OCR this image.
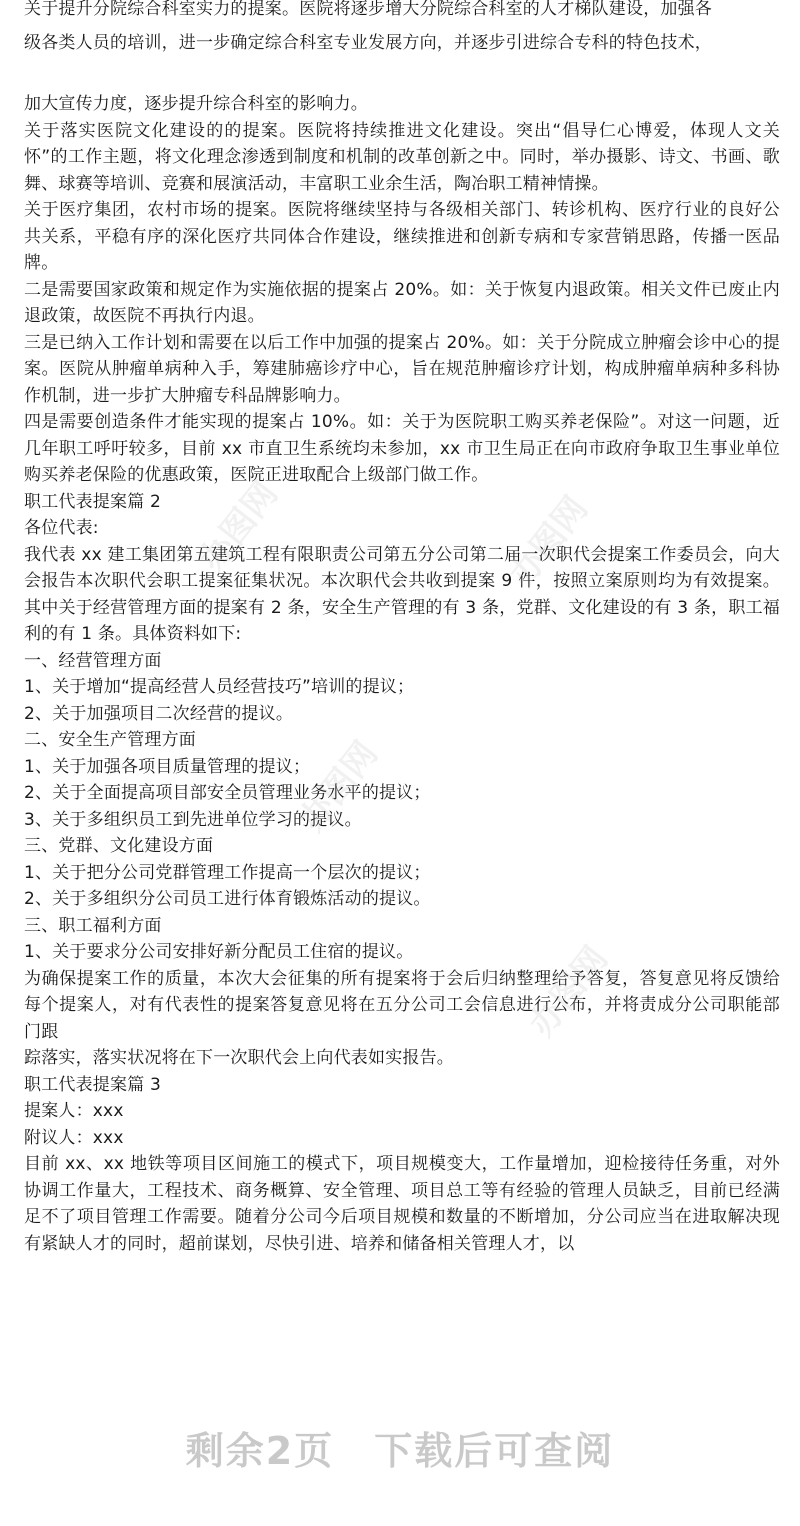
关于提升分院综合科室实力的提案。医院将逐步增大分院综合科室的人才梯队建设，加强各

级各类人员的培训，进一步确定综合科室专业发展方向，并逐步引进综合专科的特色技术，

加大宣传力度，逐步提升综合科室的影响力。

关于落实医院文化建设的的提案。医院将持续推进文化建设。突出“倡导仁心博爱，体现人文关怀”的工作主题，将文化理念渗透到制度和机制的改革创新之中。同时，举办摄影、诗文、书画、歌舞、球赛等培训、竞赛和展演活动，丰富职工业余生活，陶冶职工精神情操。

关于医疗集团，农村市场的提案。医院将继续坚持与各级相关部门、转诊机构、医疗行业的良好公共关系，平稳有序的深化医疗共同体合作建设，继续推进和创新专病和专家营销思路，传播一医品牌。

二是需要国家政策和规定作为实施依据的提案占 20%。如：关于恢复内退政策。相关文件已废止内退政策，故医院不再执行内退。

三是已纳入工作计划和需要在以后工作中加强的提案占 20%。如：关于分院成立肿瘤会诊中心的提案。医院从肿瘤单病种入手，筹建肺癌诊疗中心，旨在规范肿瘤诊疗计划，构成肿瘤单病种多科协作机制，进一步扩大肿瘤专科品牌影响力。

四是需要创造条件才能实现的提案占 10%。如：关于为医院职工购买养老保险”。对这一问题，近几年职工呼吁较多，目前 xx 市直卫生系统均未参加，xx 市卫生局正在向市政府争取卫生事业单位购买养老保险的优惠政策，医院正进取配合上级部门做工作。

职工代表提案篇 2

各位代表:

我代表 xx 建工集团第五建筑工程有限职责公司第五分公司第二届一次职代会提案工作委员会，向大会报告本次职代会职工提案征集状况。本次职代会共收到提案 9 件，按照立案原则均为有效提案。其中关于经营管理方面的提案有 2 条，安全生产管理的有 3 条，党群、文化建设的有 3 条，职工福利的有 1 条。具体资料如下:

一、经营管理方面

1、关于增加“提高经营人员经营技巧”培训的提议；

2、关于加强项目二次经营的提议。

二、安全生产管理方面

1、关于加强各项目质量管理的提议；

2、关于全面提高项目部安全员管理业务水平的提议；

3、关于多组织员工到先进单位学习的提议。

三、党群、文化建设方面

1、关于把分公司党群管理工作提高一个层次的提议；

2、关于多组织分公司员工进行体育锻炼活动的提议。

三、职工福利方面

1、关于要求分公司安排好新分配员工住宿的提议。

为确保提案工作的质量，本次大会征集的所有提案将于会后归纳整理给予答复，答复意见将反馈给每个提案人，对有代表性的提案答复意见将在五分公司工会信息进行公布，并将责成分公司职能部门跟

踪落实，落实状况将在下一次职代会上向代表如实报告。

职工代表提案篇 3

提案人：xxx

附议人：xxx

目前 xx、xx 地铁等项目区间施工的模式下，项目规模变大，工作量增加，迎检接待任务重，对外协调工作量大，工程技术、商务概算、安全管理、项目总工等有经验的管理人员缺乏，目前已经满足不了项目管理工作需要。随着分公司今后项目规模和数量的不断增加，分公司应当在进取解决现有紧缺人才的同时，超前谋划，尽快引进、培养和储备相关管理人才，以

办图网	办图网
办图网
办图网
剩余2页 下载后可查阅
